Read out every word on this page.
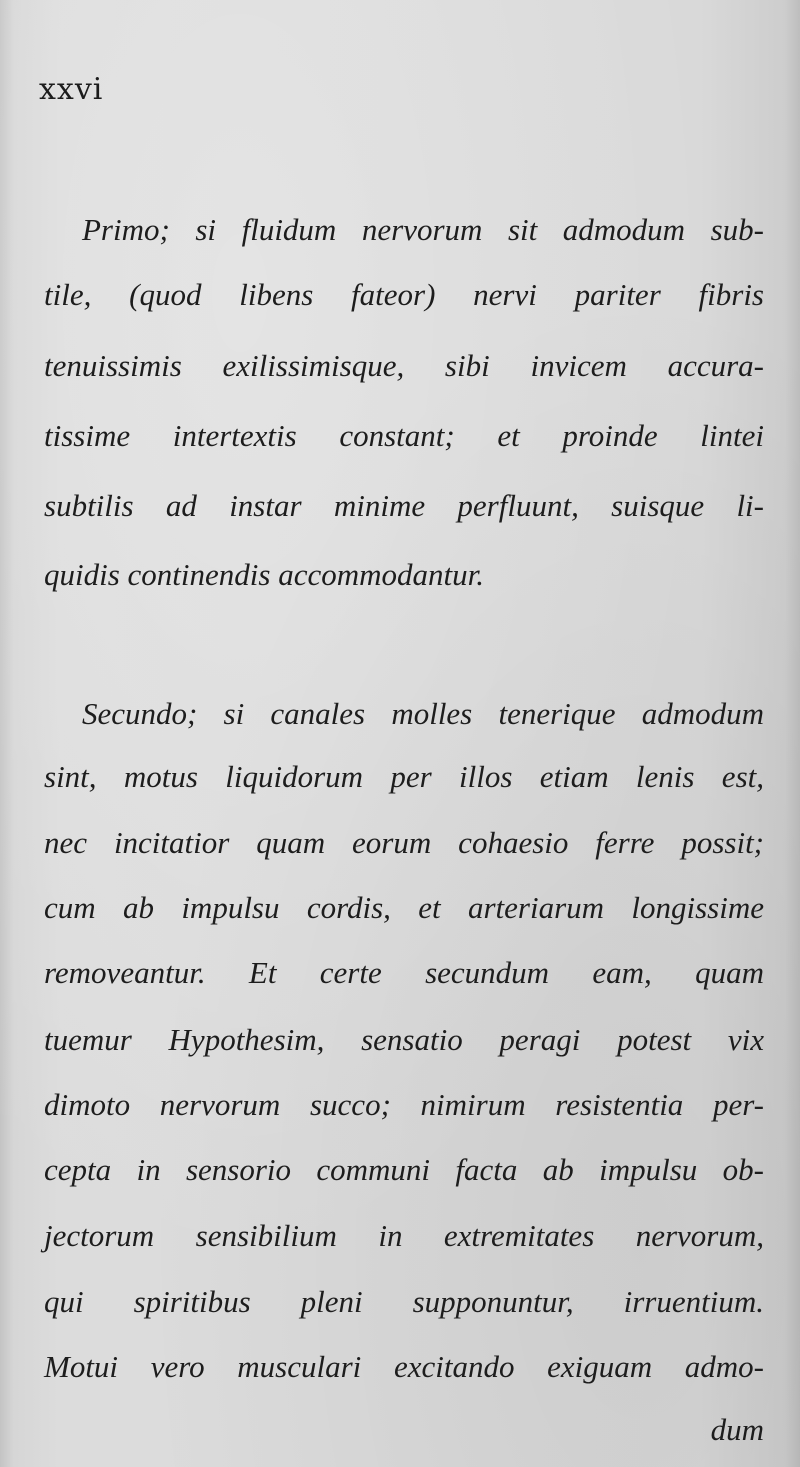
xxvi
Primo; si fluidum nervorum sit admodum sub-
tile, (quod libens fateor) nervi pariter fibris
tenuissimis exilissimisque, sibi invicem accura-
tissime intertextis constant; et proinde lintei
subtilis ad instar minime perfluunt, suisque li-
quidis continendis accommodantur.
Secundo; si canales molles tenerique admodum
sint, motus liquidorum per illos etiam lenis est,
nec incitatior quam eorum cohaesio ferre possit;
cum ab impulsu cordis, et arteriarum longissime
removeantur. Et certe secundum eam, quam
tuemur Hypothesim, sensatio peragi potest vix
dimoto nervorum succo; nimirum resistentia per-
cepta in sensorio communi facta ab impulsu ob-
jectorum sensibilium in extremitates nervorum,
qui spiritibus pleni supponuntur, irruentium.
Motui vero musculari excitando exiguam admo-
dum
